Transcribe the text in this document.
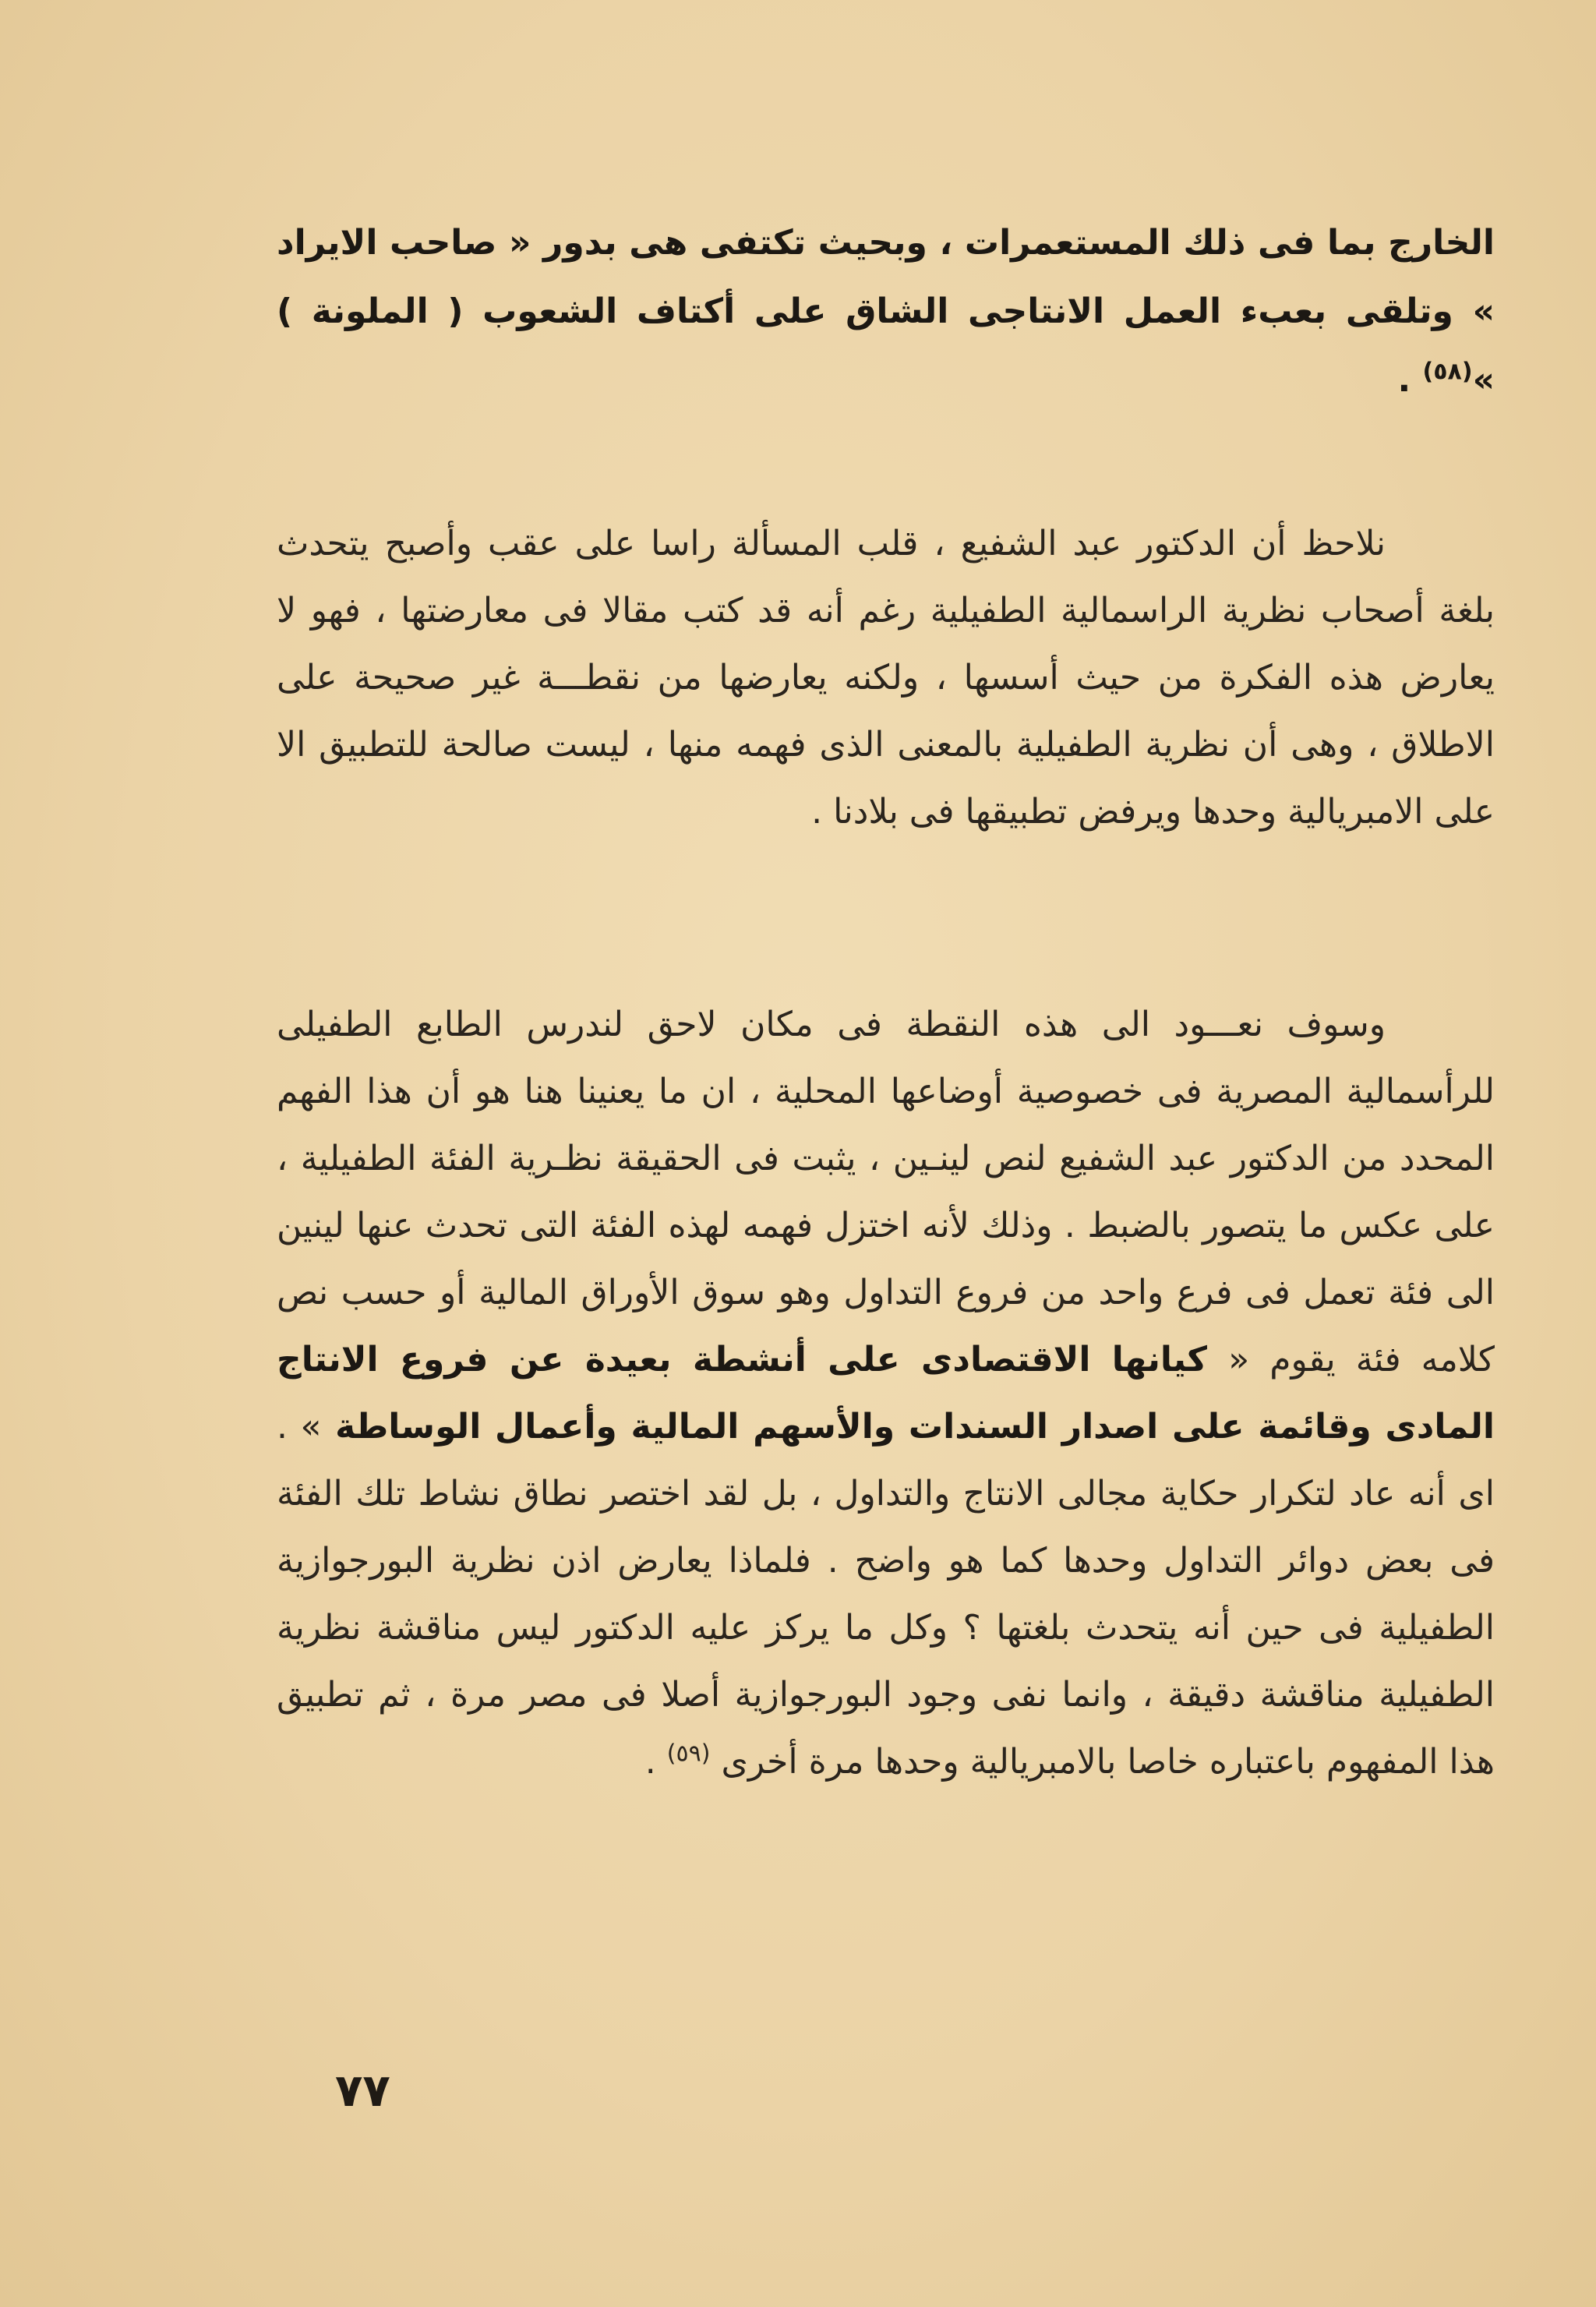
الخارج بما فى ذلك المستعمرات ، وبحيث تكتفى هى بدور « صاحب الايراد » وتلقى بعبء العمل الانتاجى الشاق على أكتاف الشعوب ( الملونة ) »$^{(٥٨)}$ .
نلاحظ أن الدكتور عبد الشفيع ، قلب المسألة راسا على عقب وأصبح يتحدث بلغة أصحاب نظرية الراسمالية الطفيلية رغم أنه قد كتب مقالا فى معارضتها ، فهو لا يعارض هذه الفكرة من حيث أسسها ، ولكنه يعارضها من نقطـــة غير صحيحة على الاطلاق ، وهى أن نظرية الطفيلية بالمعنى الذى فهمه منها ، ليست صالحة للتطبيق الا على الامبريالية وحدها ويرفض تطبيقها فى بلادنا .
وسوف نعـــود الى هذه النقطة فى مكان لاحق لندرس الطابع الطفيلى للرأسمالية المصرية فى خصوصية أوضاعها المحلية ، ان ما يعنينا هنا هو أن هذا الفهم المحدد من الدكتور عبد الشفيع لنص لينـين ، يثبت فى الحقيقة نظـرية الفئة الطفيلية ، على عكس ما يتصور بالضبط . وذلك لأنه اختزل فهمه لهذه الفئة التى تحدث عنها لينين الى فئة تعمل فى فرع واحد من فروع التداول وهو سوق الأوراق المالية أو حسب نص كلامه فئة يقوم « كيانها الاقتصادى على أنشطة بعيدة عن فروع الانتاج المادى وقائمة على اصدار السندات والأسهم المالية وأعمال الوساطة » . اى أنه عاد لتكرار حكاية مجالى الانتاج والتداول ، بل لقد اختصر نطاق نشاط تلك الفئة فى بعض دوائر التداول وحدها كما هو واضح . فلماذا يعارض اذن نظرية البورجوازية الطفيلية فى حين أنه يتحدث بلغتها ؟ وكل ما يركز عليه الدكتور ليس مناقشة نظرية الطفيلية مناقشة دقيقة ، وانما نفى وجود البورجوازية أصلا فى مصر مرة ، ثم تطبيق هذا المفهوم باعتباره خاصا بالامبريالية وحدها مرة أخرى $^{(٥٩)}$ .
٧٧
